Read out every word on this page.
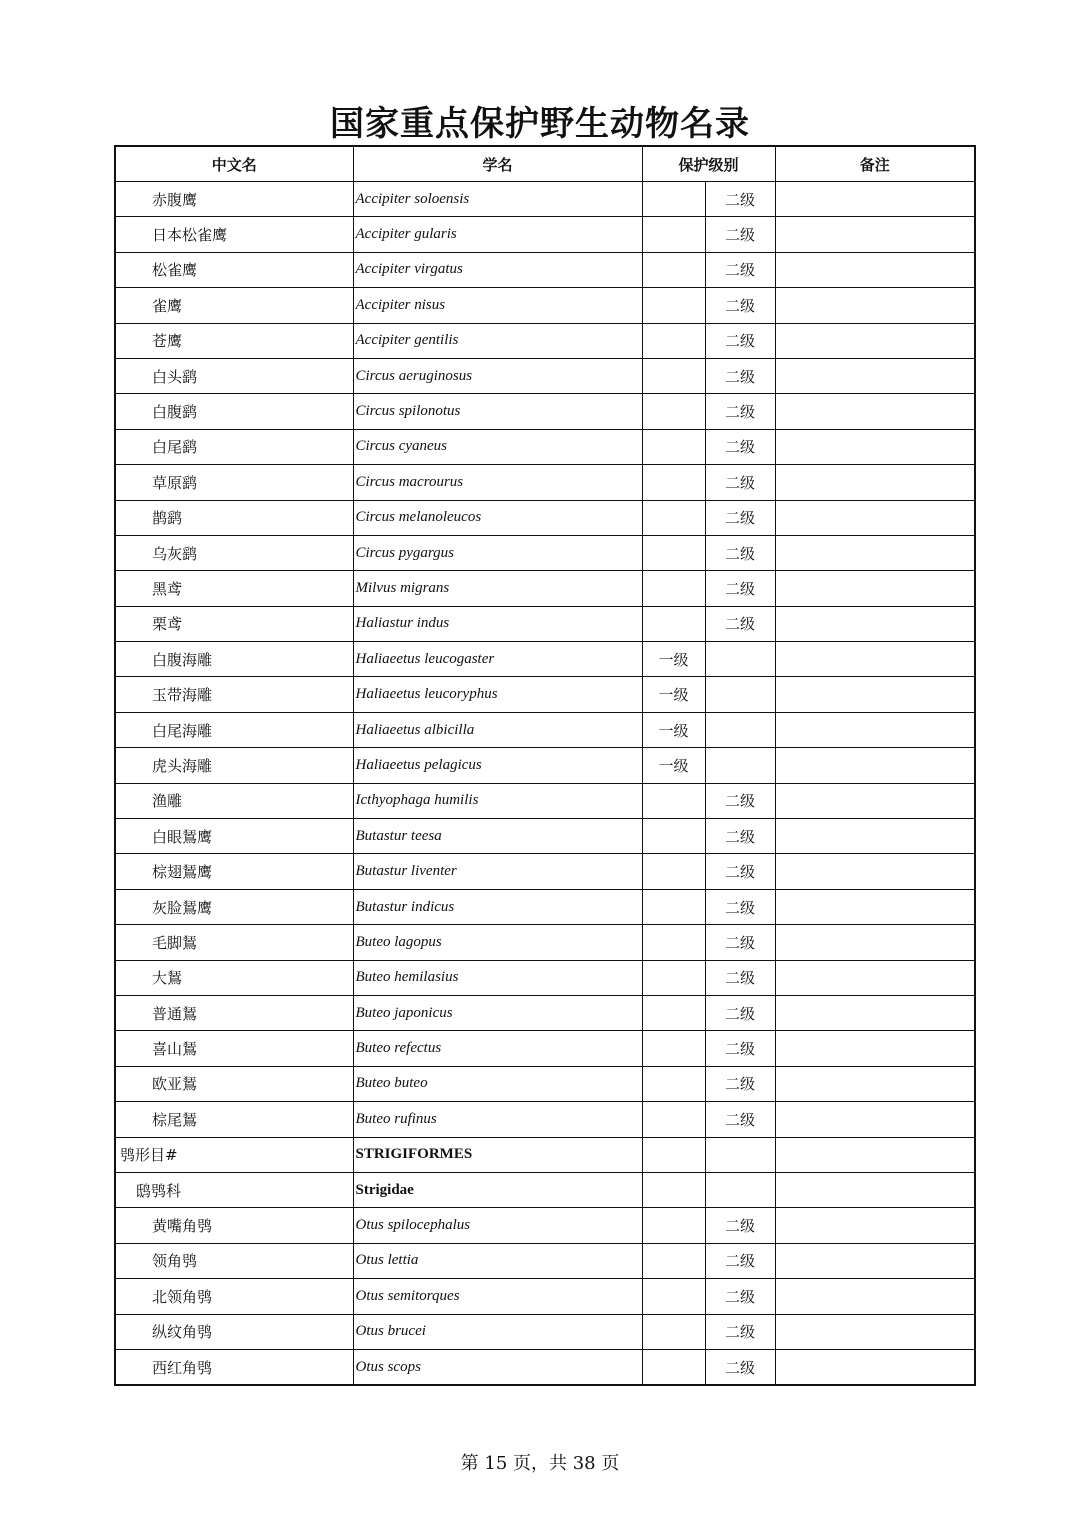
国家重点保护野生动物名录
中文名	学名	保护级别		备注
赤腹鹰	Accipiter soloensis		二级	
日本松雀鹰	Accipiter gularis		二级	
松雀鹰	Accipiter virgatus		二级	
雀鹰	Accipiter nisus		二级	
苍鹰	Accipiter gentilis		二级	
白头鹞	Circus aeruginosus		二级	
白腹鹞	Circus spilonotus		二级	
白尾鹞	Circus cyaneus		二级	
草原鹞	Circus macrourus		二级	
鹊鹞	Circus melanoleucos		二级	
乌灰鹞	Circus pygargus		二级	
黑鸢	Milvus migrans		二级	
栗鸢	Haliastur indus		二级	
白腹海雕	Haliaeetus leucogaster	一级		
玉带海雕	Haliaeetus leucoryphus	一级		
白尾海雕	Haliaeetus albicilla	一级		
虎头海雕	Haliaeetus pelagicus	一级		
渔雕	Icthyophaga humilis		二级	
白眼鵟鹰	Butastur teesa		二级	
棕翅鵟鹰	Butastur liventer		二级	
灰脸鵟鹰	Butastur indicus		二级	
毛脚鵟	Buteo lagopus		二级	
大鵟	Buteo hemilasius		二级	
普通鵟	Buteo japonicus		二级	
喜山鵟	Buteo refectus		二级	
欧亚鵟	Buteo buteo		二级	
棕尾鵟	Buteo rufinus		二级	
鸮形目#	STRIGIFORMES			
鸱鸮科	Strigidae			
黄嘴角鸮	Otus spilocephalus		二级	
领角鸮	Otus lettia		二级	
北领角鸮	Otus semitorques		二级	
纵纹角鸮	Otus brucei		二级	
西红角鸮	Otus scops		二级	
第 15 页，共 38 页
